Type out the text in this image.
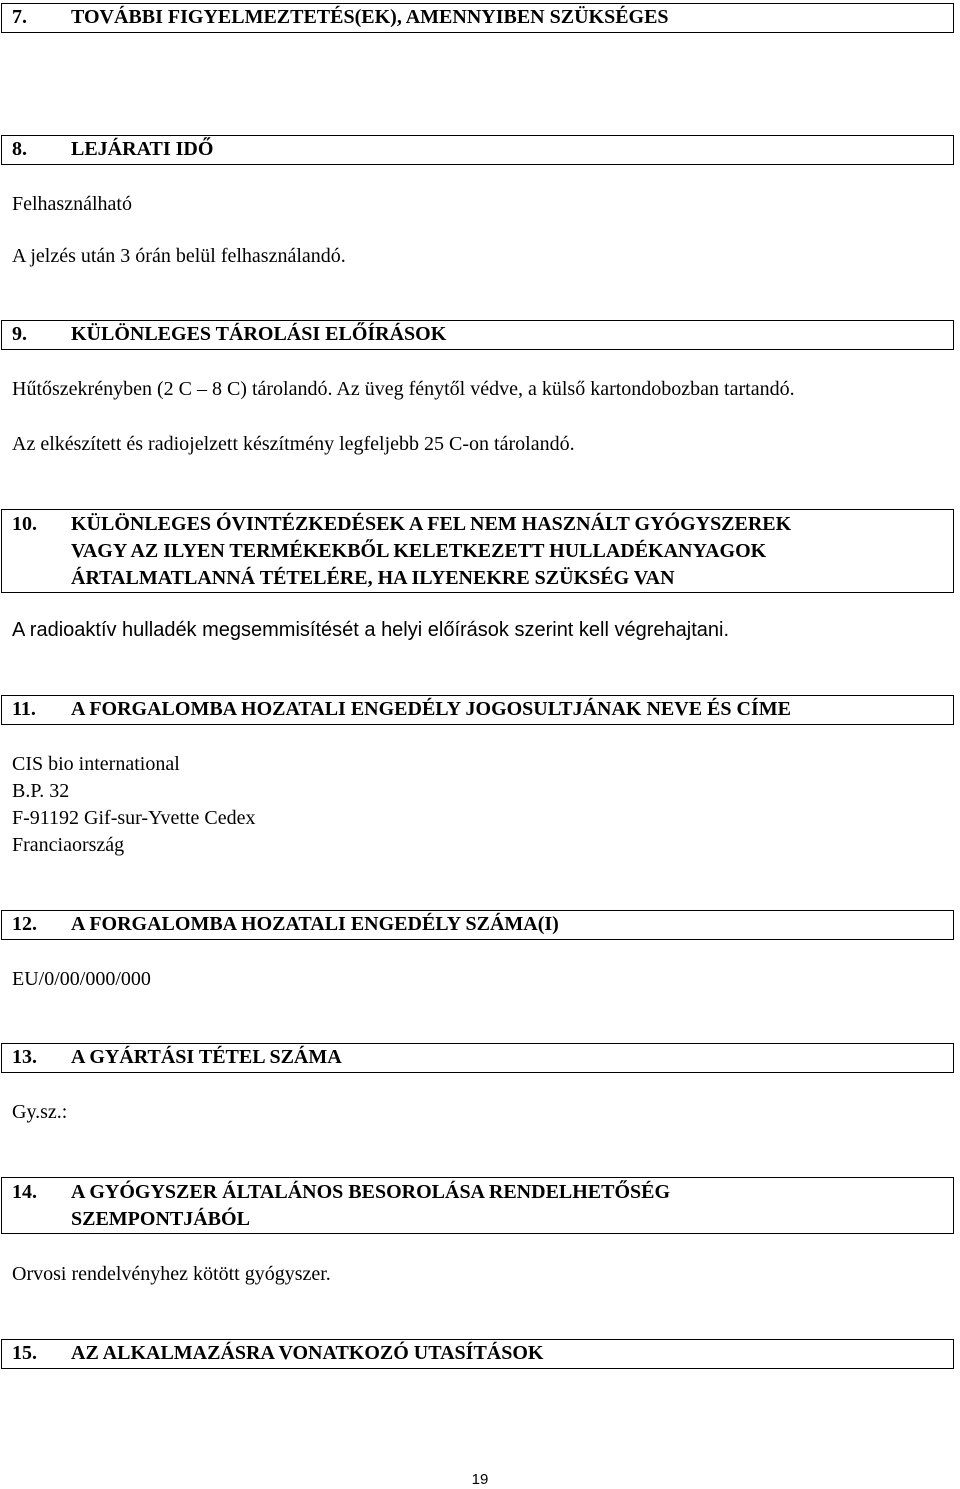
7. TOVÁBBI FIGYELMEZTETÉS(EK), AMENNYIBEN SZÜKSÉGES
8. LEJÁRATI IDŐ
Felhasználható
A jelzés után 3 órán belül felhasználandó.
9. KÜLÖNLEGES TÁROLÁSI ELŐÍRÁSOK
Hűtőszekrényben (2 C – 8 C) tárolandó. Az üveg fénytől védve, a külső kartondobozban tartandó.
Az elkészített és radiojelzett készítmény legfeljebb 25 C-on tárolandó.
10. KÜLÖNLEGES ÓVINTÉZKEDÉSEK A FEL NEM HASZNÁLT GYÓGYSZEREK
VAGY AZ ILYEN TERMÉKEKBŐL KELETKEZETT HULLADÉKANYAGOK
ÁRTALMATLANNÁ TÉTELÉRE, HA ILYENEKRE SZÜKSÉG VAN
A radioaktív hulladék megsemmisítését a helyi előírások szerint kell végrehajtani.
11. A FORGALOMBA HOZATALI ENGEDÉLY JOGOSULTJÁNAK NEVE ÉS CÍME
CIS bio international
B.P. 32
F-91192 Gif-sur-Yvette Cedex
Franciaország
12. A FORGALOMBA HOZATALI ENGEDÉLY SZÁMA(I)
EU/0/00/000/000
13. A GYÁRTÁSI TÉTEL SZÁMA
Gy.sz.:
14. A GYÓGYSZER ÁLTALÁNOS BESOROLÁSA RENDELHETŐSÉG
SZEMPONTJÁBÓL
Orvosi rendelvényhez kötött gyógyszer.
15. AZ ALKALMAZÁSRA VONATKOZÓ UTASÍTÁSOK
19
